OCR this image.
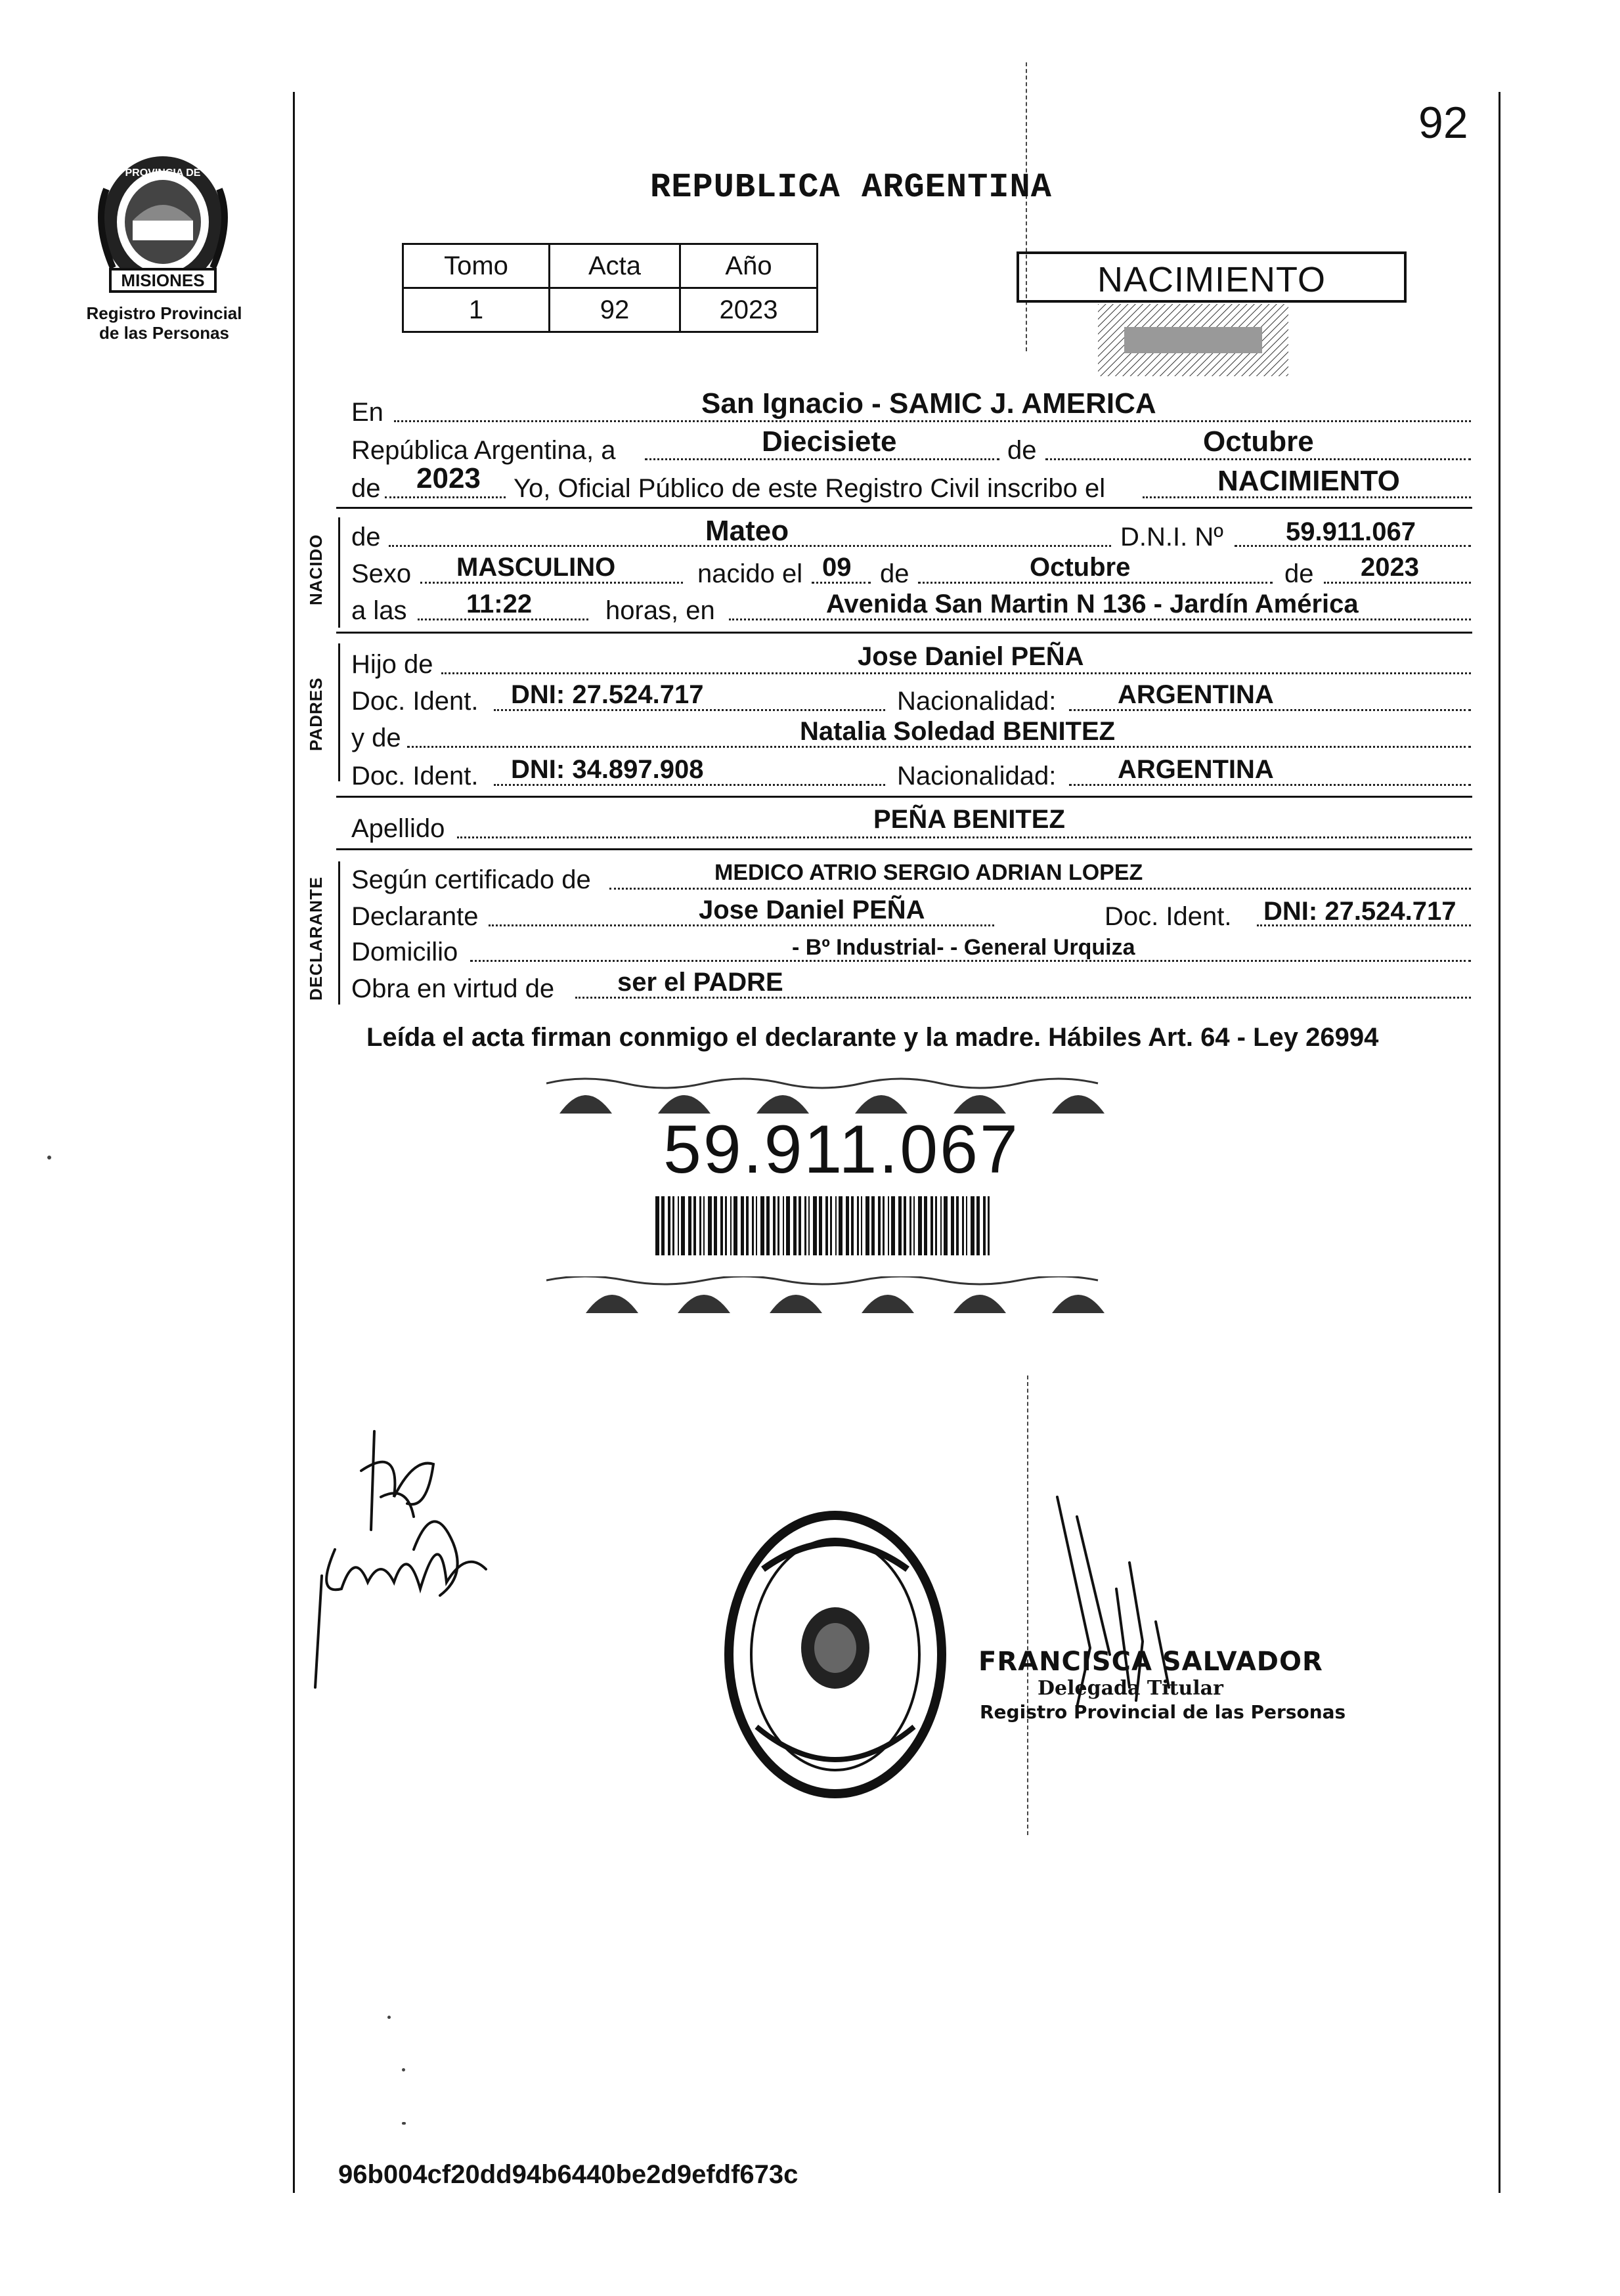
92
MISIONES
PROVINCIA DE
Registro Provincial
de las Personas
REPUBLICA ARGENTINA
Tomo	Acta	Año
1	92	2023
NACIMIENTO
En	San Ignacio - SAMIC J. AMERICA
República Argentina, a	Diecisiete	de	Octubre
de 2023 Yo, Oficial Público de este Registro Civil inscribo el	NACIMIENTO
NACIDO de	Mateo	D.N.I. Nº 59.911.067
Sexo MASCULINO	nacido el 09 de	Octubre	de 2023
a las 11:22	horas, en	Avenida San Martin N 136 - Jardín América
PADRES
Hijo de	Jose Daniel PEÑA
Doc. Ident. DNI: 27.524.717	Nacionalidad: ARGENTINA
y de	Natalia Soledad BENITEZ
Doc. Ident. DNI: 34.897.908	Nacionalidad: ARGENTINA
Apellido	PEÑA BENITEZ
DECLARANTE Según certificado de	MEDICO ATRIO SERGIO ADRIAN LOPEZ
Declarante	Jose Daniel PEÑA	Doc. Ident. DNI: 27.524.717
Domicilio	- Bº Industrial- - General Urquiza
Obra en virtud de ser el PADRE
Leída el acta firman conmigo el declarante y la madre. Hábiles Art. 64 - Ley 26994
59.911.067
FRANCISCA SALVADOR
Delegada Titular
Registro Provincial de las Personas
96b004cf20dd94b6440be2d9efdf673c
